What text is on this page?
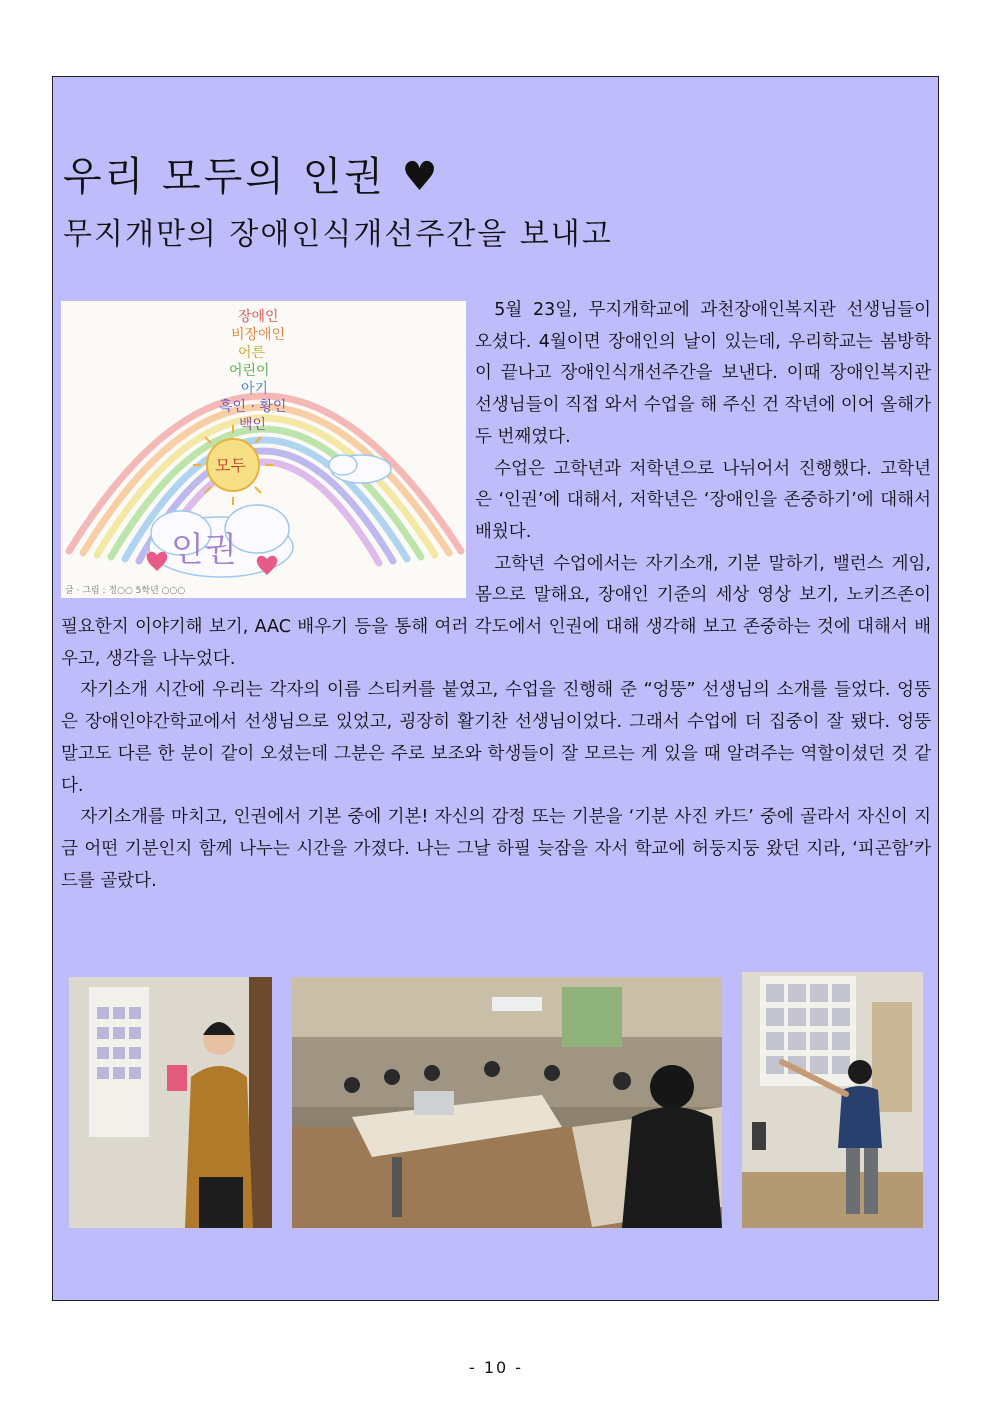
우리 모두의 인권 ♥
무지개만의 장애인식개선주간을 보내고
장애인
비장애인
어른
어린이
아기
흑인 · 황인
백인
모두
인권
글 · 그림 : 정○○ 5학년 ○○○

5월 23일, 무지개학교에 과천장애인복지관 선생님들이 오셨다. 4월이면 장애인의 날이 있는데, 우리학교는 봄방학이 끝나고 장애인식개선주간을 보낸다. 이때 장애인복지관 선생님들이 직접 와서 수업을 해 주신 건 작년에 이어 올해가 두 번째였다.

수업은 고학년과 저학년으로 나뉘어서 진행했다. 고학년은 ‘인권’에 대해서, 저학년은 ‘장애인을 존중하기’에 대해서 배웠다.

고학년 수업에서는 자기소개, 기분 말하기, 밸런스 게임, 몸으로 말해요, 장애인 기준의 세상 영상 보기, 노키즈존이 필요한지 이야기해 보기, AAC 배우기 등을 통해 여러 각도에서 인권에 대해 생각해 보고 존중하는 것에 대해서 배우고, 생각을 나누었다.

자기소개 시간에 우리는 각자의 이름 스티커를 붙였고, 수업을 진행해 준 “엉뚱” 선생님의 소개를 들었다. 엉뚱은 장애인야간학교에서 선생님으로 있었고, 굉장히 활기찬 선생님이었다. 그래서 수업에 더 집중이 잘 됐다. 엉뚱 말고도 다른 한 분이 같이 오셨는데 그분은 주로 보조와 학생들이 잘 모르는 게 있을 때 알려주는 역할이셨던 것 같다.

자기소개를 마치고, 인권에서 기본 중에 기본! 자신의 감정 또는 기분을 ‘기분 사진 카드’ 중에 골라서 자신이 지금 어떤 기분인지 함께 나누는 시간을 가졌다. 나는 그날 하필 늦잠을 자서 학교에 허둥지둥 왔던 지라, ‘피곤함’카드를 골랐다.

- 10 -
